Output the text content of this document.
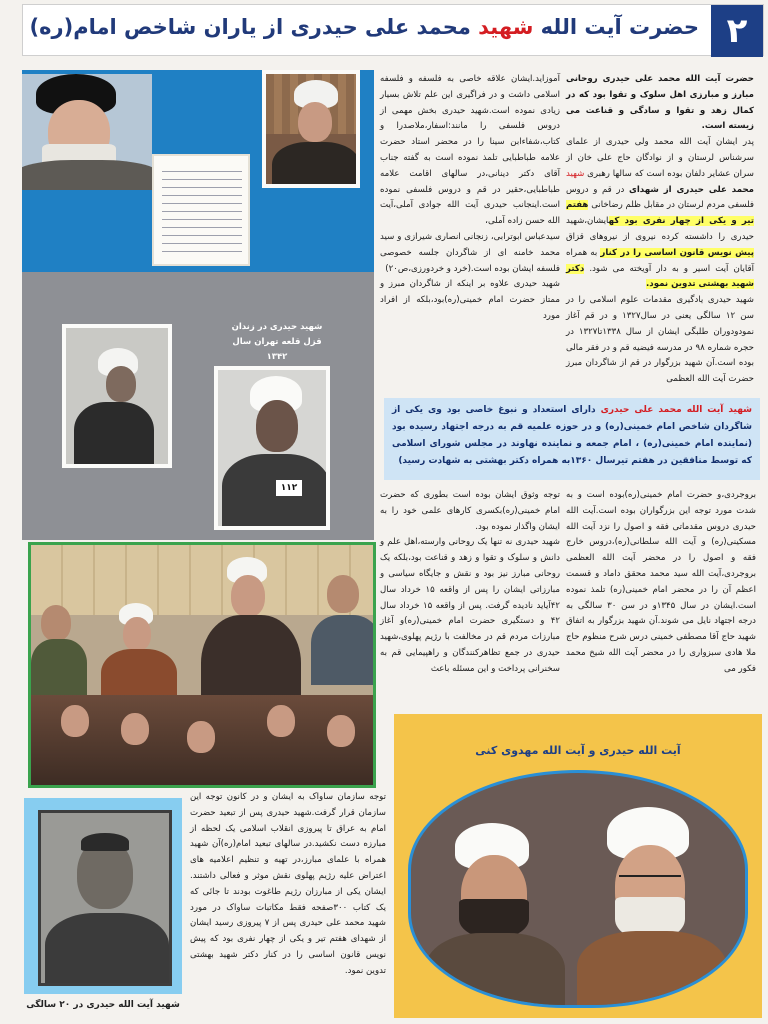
۲
حضرت آیت الله شهید محمد علی حیدری از یاران شاخص امام(ره)
شهید حیدری در زندان قزل قلعه تهران سال ۱۳۴۲
۱۱۲

حضرت آیت الله محمد علی حیدری روحانی مبارز و مبارزی اهل سلوک و تقوا بود که در کمال زهد و تقوا و سادگی و قناعت می زیسته است.

پدر ایشان آیت الله محمد ولی حیدری از علمای سرشناس لرستان و از نوادگان حاج علی خان از سران عشایر دلفان بوده است که سالها رهبری شهید محمد علی حیدری از شهدای در قم و دروس فلسفی مردم لرستان در مقابل ظلم رضاخانی هفتم تیر و یکی از چهار نفری بود کهایشان،شهید حیدری را داشسته کرده نیروی از نیروهای قزاق پیش نویس قانون اساسی را در کنار به همراه آقایان آیت اسیر و به دار آویخته می شود. دکتر شهید بهشتی تدوین نمود.

شهید حیدری یادگیری مقدمات علوم اسلامی را در سن ۱۲ سالگی یعنی در سال۱۳۲۷ و در قم آغاز نمودودوران طلبگی ایشان از سال ۱۳۳۸تا۱۳۲۷ در حجره شماره ۹۸ در مدرسه فیضیه قم و در فقر مالی بوده است.آن شهید بزرگوار در قم از شاگردان مبرز حضرت آیت الله العظمی

آموزاید.ایشان علاقه خاصی به فلسفه و فلسفه اسلامی داشت و در فراگیری این علم تلاش بسیار زیادی نموده است.شهید حیدری بخش مهمی از دروس فلسفی را مانند:اسفار،ملاصدرا و کتاب،شفاءابن سینا را در محضر استاد حضرت علامه طباطبایی تلمذ نموده است به گفته جناب آقای دکتر دینانی،در سالهای اقامت علامه طباطبایی،حقیر در قم و دروس فلسفی نموده است.اینجانب حیدری آیت الله جوادی آملی،آیت الله حسن زاده آملی،

سیدعباس ابوترابی، زنجانی انصاری شیرازی و سید محمد خامنه ای از شاگردان جلسه خصوصی فلسفه ایشان بوده است.(خرد و خردورزی،ص۲۰)

شهید حیدری علاوه بر اینکه از شاگردان مبرز و ممتاز حضرت امام خمینی(ره)بود،بلکه از افراد مورد

شهید آیت الله محمد علی حیدری دارای استعداد و نبوغ خاصی بود وی یکی از شاگردان شاخص امام خمینی(ره) و در حوزه علمیه قم به درجه اجتهاد رسیده بود (نماینده امام خمینی(ره) ، امام جمعه و نماینده نهاوند در مجلس شورای اسلامی که توسط منافقین در هفتم تیرسال ۱۳۶۰به همراه دکتر بهشتی به شهادت رسید)

توجه وثوق ایشان بوده است بطوری که حضرت امام خمینی(ره)بکسری کارهای علمی خود را به ایشان واگذار نموده بود.

شهید حیدری نه تنها یک روحانی وارسته،اهل علم و دانش و سلوک و تقوا و زهد و قناعت بود،بلکه یک روحانی مبارز نیز بود و نقش و جایگاه سیاسی و مبارزاتی ایشان را پس از واقعه ۱۵ خرداد سال ۴۲آیاید نادیده گرفت. پس از واقعه ۱۵ خرداد سال ۴۲ و دستگیری حضرت امام خمینی(ره)و آغاز مبارزات مردم قم در مخالفت با رژیم پهلوی،شهید حیدری در جمع تظاهرکنندگان و راهپیمایی قم به سخنرانی پرداخت و این مسئله باعث

بروجردی،و حضرت امام خمینی(ره)بوده است و به شدت مورد توجه این بزرگواران بوده است.آیت الله حیدری دروس مقدماتی فقه و اصول را نزد آیت الله مسکینی(ره) و آیت الله سلطانی(ره)،دروس خارج فقه و اصول را در محضر آیت الله العظمی بروجردی،آیت الله سید محمد محقق داماد و قسمت اعظم آن را در محضر امام خمینی(ره) تلمذ نموده است.ایشان در سال ۱۳۴۵و در سن ۳۰ سالگی به درجه اجتهاد نایل می شوند.آن شهید بزرگوار به اتفاق شهید حاج آقا مصطفی خمینی درس شرح منظوم حاج ملا هادی سبزواری را در محضر آیت الله شیخ محمد فکور می

توجه سازمان ساواک به ایشان و در کانون توجه این سازمان قرار گرفت.شهید حیدری پس از تبعید حضرت امام به عراق تا پیروزی انقلاب اسلامی یک لحظه از مبارزه دست نکشید.در سالهای تبعید امام(ره)آن شهید همراه با علمای مبارز،در تهیه و تنظیم اعلامیه های اعتراض علیه رژیم پهلوی نقش موثر و فعالی داشتند. ایشان یکی از مبارزان رژیم طاغوت بودند تا جائی که یک کتاب ۳۰۰صفحه فقط مکاتبات ساواک در مورد شهید محمد علی حیدری پس از ۷ پیروزی رسید ایشان از شهدای هفتم تیر و یکی از چهار نفری بود که پیش نویس قانون اساسی را در کنار دکتر شهید بهشتی تدوین نمود.

شهید آیت الله حیدری در ۲۰ سالگی
آیت الله حیدری و آیت الله مهدوی کنی
